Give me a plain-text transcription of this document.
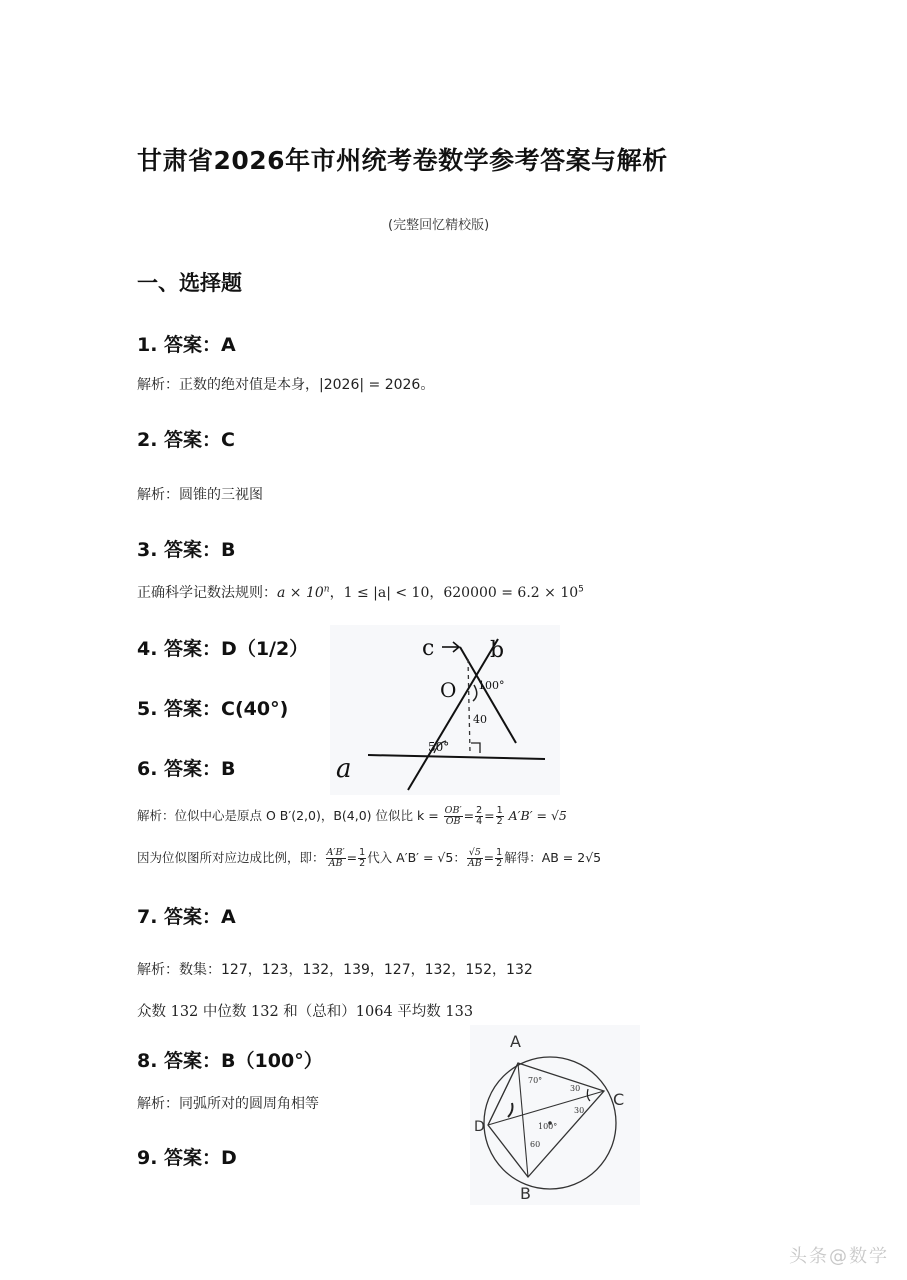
甘肃省2026年市州统考卷数学参考答案与解析
(完整回忆精校版)
一、选择题
1. 答案：A
解析：正数的绝对值是本身，|2026| = 2026。
2. 答案：C
解析：圆锥的三视图
3. 答案：B
正确科学记数法规则：$a \times 10^n$，1 ≤ |a| < 10，$620000 = 6.2 \times 10^5$
4. 答案：D（1/2）
5. 答案：C(40°)
c	b
O 100°
40
50°
a
6. 答案：B
解析：位似中心是原点 O B′(2,0)，B(4,0) 位似比 $k = \frac{OB'}{OB} = \frac{2}{4} = \frac{1}{2} A'B' = √5$
因为位似图所对应边成比例，即： $\frac{A'B'}{AB} = \frac{1}{2}$ 代入 A′B′ = √5： $\frac{√5}{AB} = \frac{1}{2}$ 解得：AB = 2√5
7. 答案：A
解析：数集：127，123，132，139，127，132，152，132
众数 132 中位数 132 和（总和）1064 平均数 133
8. 答案：B（100°）
解析：同弧所对的圆周角相等
A
C
B
D	100°
30
30
70°
60
9. 答案：D
头条@数学
